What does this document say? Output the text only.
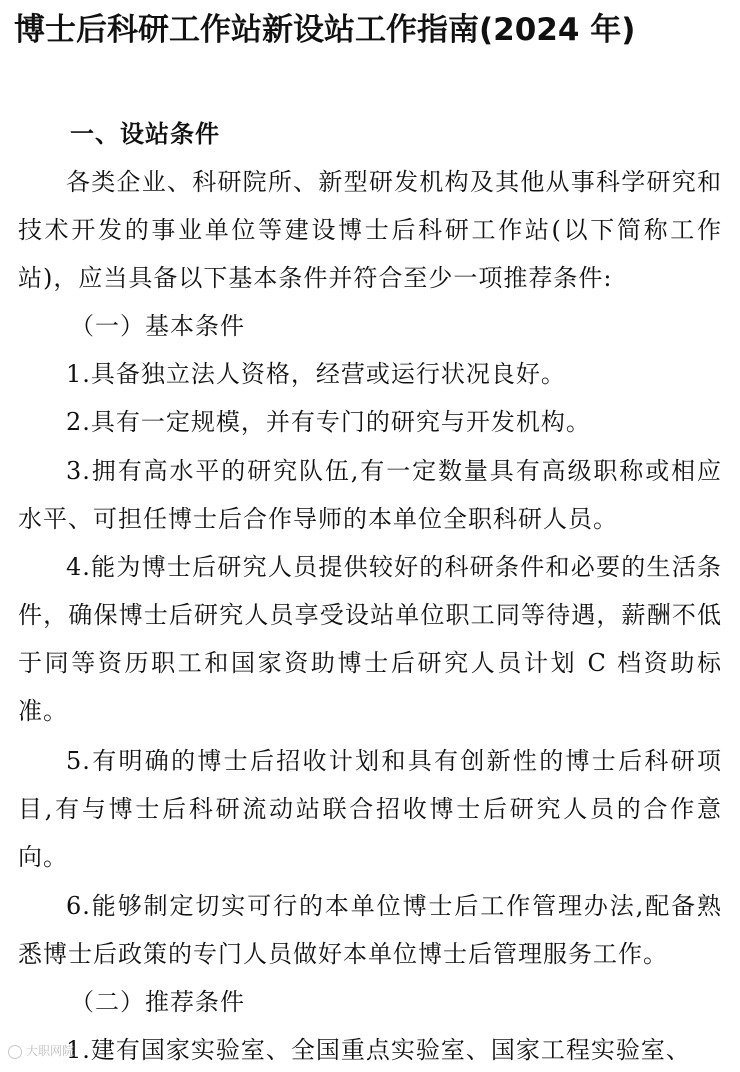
博士后科研工作站新设站工作指南(2024 年)
一、设站条件

各类企业、科研院所、新型研发机构及其他从事科学研究和技术开发的事业单位等建设博士后科研工作站(以下简称工作站)，应当具备以下基本条件并符合至少一项推荐条件:

（一）基本条件

1.具备独立法人资格，经营或运行状况良好。

2.具有一定规模，并有专门的研究与开发机构。

3.拥有高水平的研究队伍,有一定数量具有高级职称或相应水平、可担任博士后合作导师的本单位全职科研人员。

4.能为博士后研究人员提供较好的科研条件和必要的生活条件，确保博士后研究人员享受设站单位职工同等待遇，薪酬不低于同等资历职工和国家资助博士后研究人员计划 C 档资助标准。

5.有明确的博士后招收计划和具有创新性的博士后科研项目,有与博士后科研流动站联合招收博士后研究人员的合作意向。

6.能够制定切实可行的本单位博士后工作管理办法,配备熟悉博士后政策的专门人员做好本单位博士后管理服务工作。

（二）推荐条件

1.建有国家实验室、全国重点实验室、国家工程实验室、

大职网院
